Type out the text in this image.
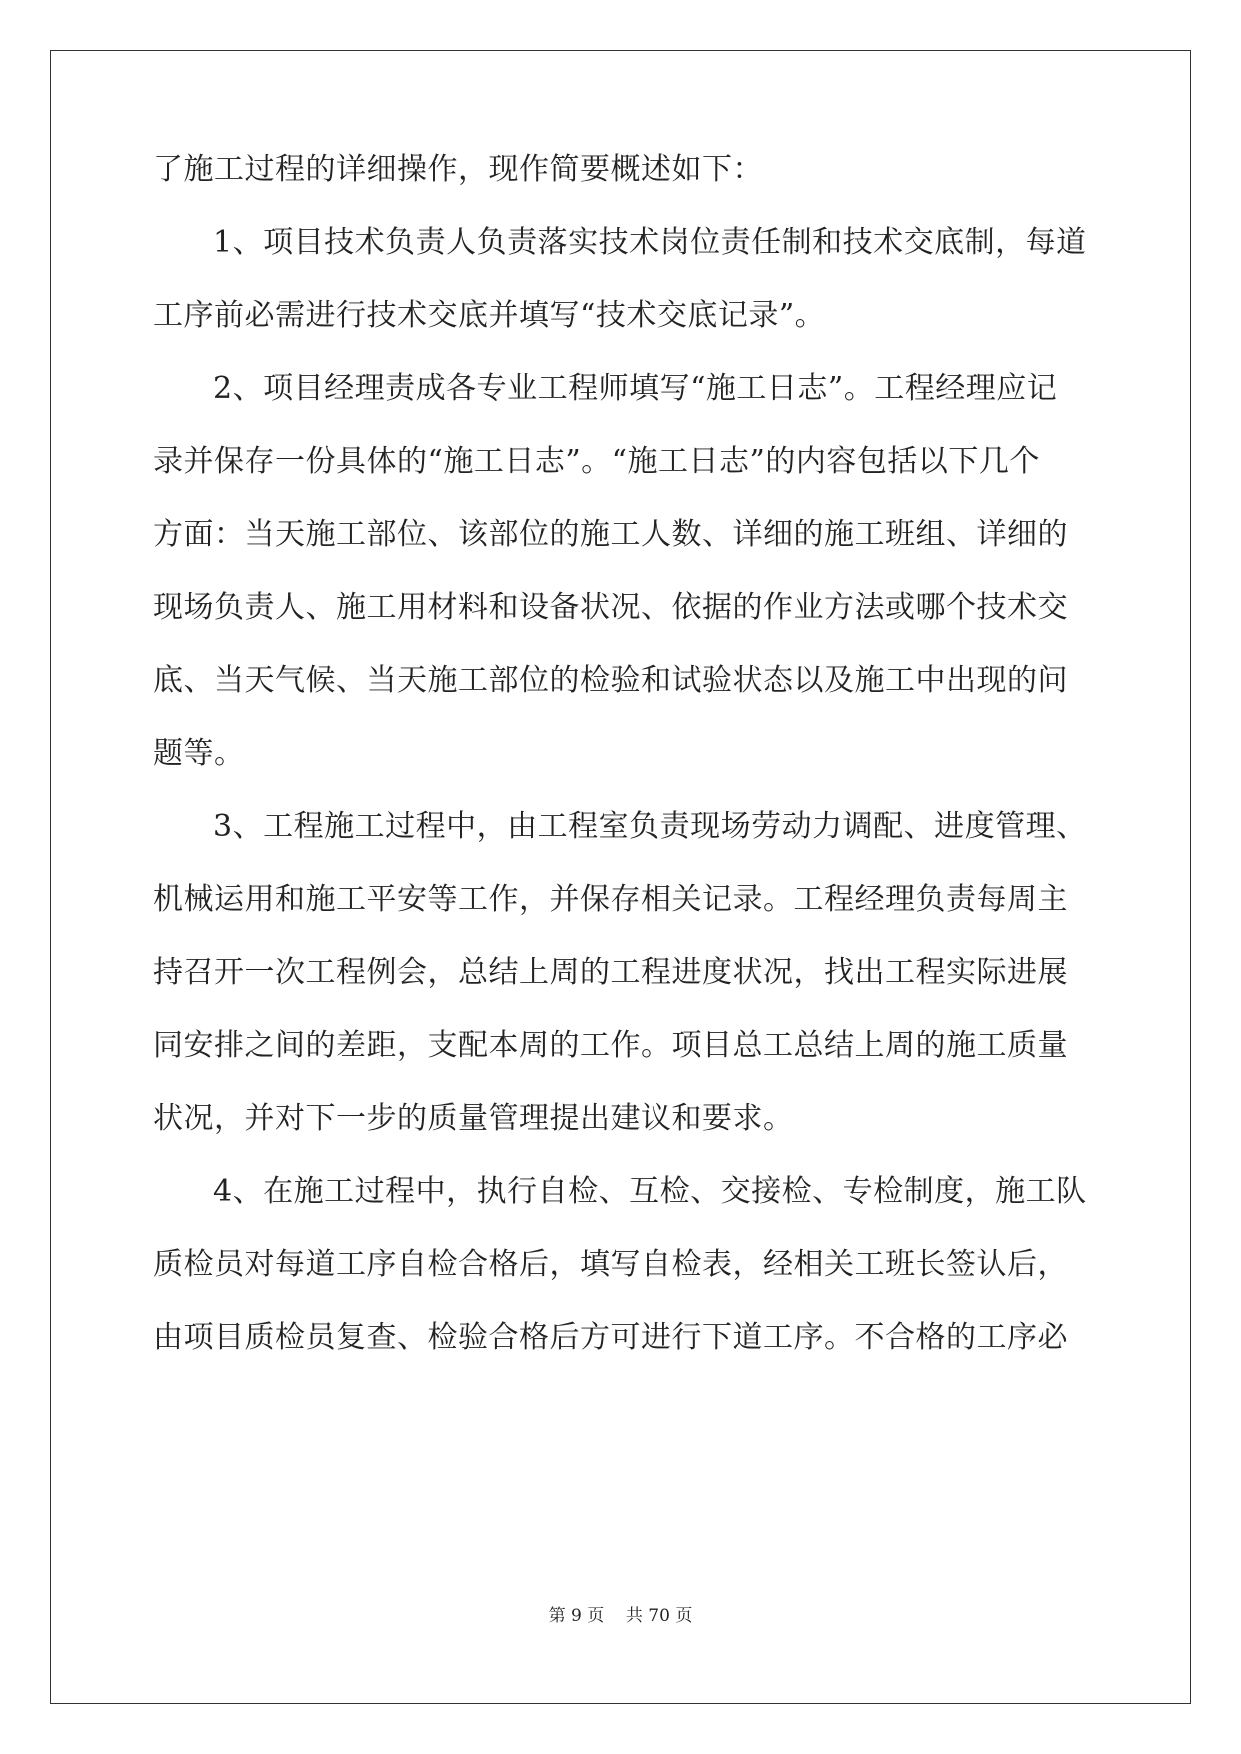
了施工过程的详细操作，现作简要概述如下：
1、项目技术负责人负责落实技术岗位责任制和技术交底制，每道
工序前必需进行技术交底并填写“技术交底记录”。
2、项目经理责成各专业工程师填写“施工日志”。工程经理应记
录并保存一份具体的“施工日志”。“施工日志”的内容包括以下几个
方面：当天施工部位、该部位的施工人数、详细的施工班组、详细的
现场负责人、施工用材料和设备状况、依据的作业方法或哪个技术交
底、当天气候、当天施工部位的检验和试验状态以及施工中出现的问
题等。
3、工程施工过程中，由工程室负责现场劳动力调配、进度管理、
机械运用和施工平安等工作，并保存相关记录。工程经理负责每周主
持召开一次工程例会，总结上周的工程进度状况，找出工程实际进展
同安排之间的差距，支配本周的工作。项目总工总结上周的施工质量
状况，并对下一步的质量管理提出建议和要求。
4、在施工过程中，执行自检、互检、交接检、专检制度，施工队
质检员对每道工序自检合格后，填写自检表，经相关工班长签认后，
由项目质检员复查、检验合格后方可进行下道工序。不合格的工序必
第 9 页    共 70 页
